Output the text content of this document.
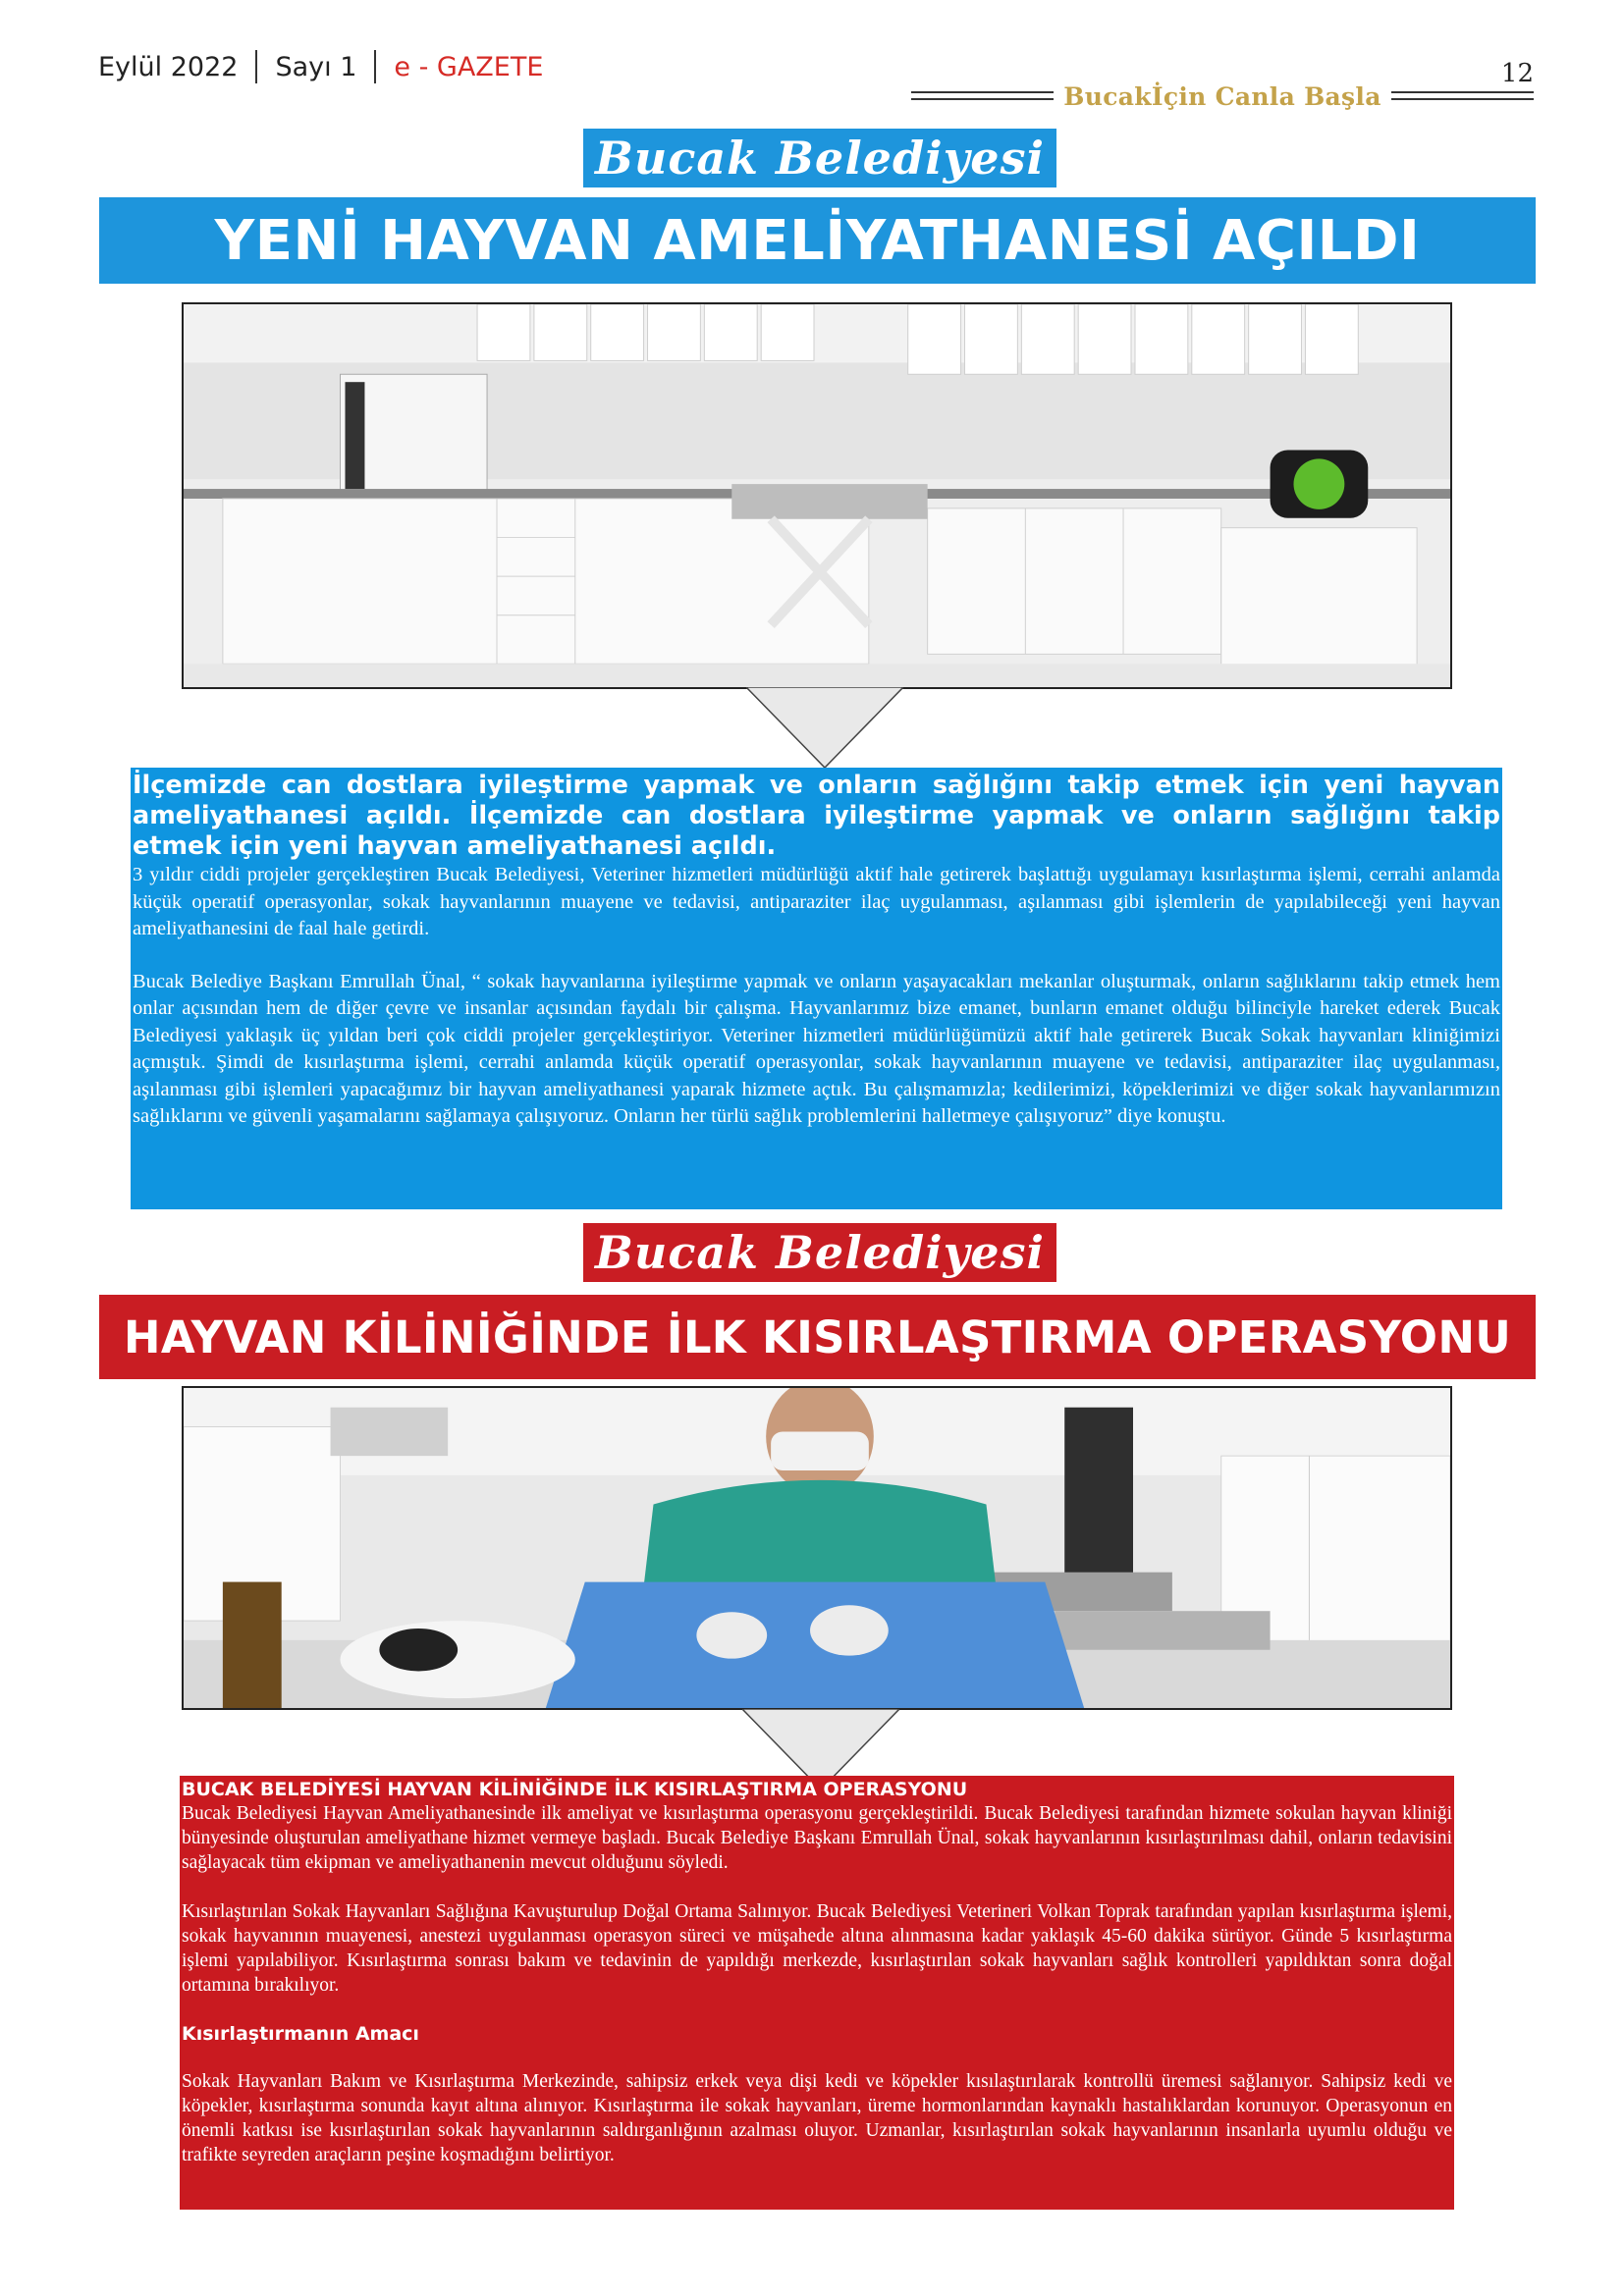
Eylül 2022 Sayı 1 e - GAZETE
Bucakİçin Canla Başla
12
Bucak Belediyesi
YENİ HAYVAN AMELİYATHANESİ AÇILDI

İlçemizde can dostlara iyileştirme yapmak ve onların sağlığını takip etmek için yeni hayvan ameliyathanesi açıldı. İlçemizde can dostlara iyileştirme yapmak ve onların sağlığını takip etmek için yeni hayvan ameliyathanesi açıldı.

3 yıldır ciddi projeler gerçekleştiren Bucak Belediyesi, Veteriner hizmetleri müdürlüğü aktif hale getirerek başlattığı uygulamayı kısırlaştırma işlemi, cerrahi anlamda küçük operatif operasyonlar, sokak hayvanlarının muayene ve tedavisi, antiparaziter ilaç uygulanması, aşılanması gibi işlemlerin de yapılabileceği yeni hayvan ameliyathanesini de faal hale getirdi.

Bucak Belediye Başkanı Emrullah Ünal, “ sokak hayvanlarına iyileştirme yapmak ve onların yaşayacakları mekanlar oluşturmak, onların sağlıklarını takip etmek hem onlar açısından hem de diğer çevre ve insanlar açısından faydalı bir çalışma. Hayvanlarımız bize emanet, bunların emanet olduğu bilinciyle hareket ederek Bucak Belediyesi yaklaşık üç yıldan beri çok ciddi projeler gerçekleştiriyor. Veteriner hizmetleri müdürlüğümüzü aktif hale getirerek Bucak Sokak hayvanları kliniğimizi açmıştık. Şimdi de kısırlaştırma işlemi, cerrahi anlamda küçük operatif operasyonlar, sokak hayvanlarının muayene ve tedavisi, antiparaziter ilaç uygulanması, aşılanması gibi işlemleri yapacağımız bir hayvan ameliyathanesi yaparak hizmete açtık. Bu çalışmamızla; kedilerimizi, köpeklerimizi ve diğer sokak hayvanlarımızın sağlıklarını ve güvenli yaşamalarını sağlamaya çalışıyoruz. Onların her türlü sağlık problemlerini halletmeye çalışıyoruz” diye konuştu.

Bucak Belediyesi
HAYVAN KİLİNİĞİNDE İLK KISIRLAŞTIRMA OPERASYONU

BUCAK BELEDİYESİ HAYVAN KİLİNİĞİNDE İLK KISIRLAŞTIRMA OPERASYONU

Bucak Belediyesi Hayvan Ameliyathanesinde ilk ameliyat ve kısırlaştırma operasyonu gerçekleştirildi. Bucak Belediyesi tarafından hizmete sokulan hayvan kliniği bünyesinde oluşturulan ameliyathane hizmet vermeye başladı. Bucak Belediye Başkanı Emrullah Ünal, sokak hayvanlarının kısırlaştırılması dahil, onların tedavisini sağlayacak tüm ekipman ve ameliyathanenin mevcut olduğunu söyledi.

Kısırlaştırılan Sokak Hayvanları Sağlığına Kavuşturulup Doğal Ortama Salınıyor. Bucak Belediyesi Veterineri Volkan Toprak tarafından yapılan kısırlaştırma işlemi, sokak hayvanının muayenesi, anestezi uygulanması operasyon süreci ve müşahede altına alınmasına kadar yaklaşık 45-60 dakika sürüyor. Günde 5 kısırlaştırma işlemi yapılabiliyor. Kısırlaştırma sonrası bakım ve tedavinin de yapıldığı merkezde, kısırlaştırılan sokak hayvanları sağlık kontrolleri yapıldıktan sonra doğal ortamına bırakılıyor.

Kısırlaştırmanın Amacı

Sokak Hayvanları Bakım ve Kısırlaştırma Merkezinde, sahipsiz erkek veya dişi kedi ve köpekler kısılaştırılarak kontrollü üremesi sağlanıyor. Sahipsiz kedi ve köpekler, kısırlaştırma sonunda kayıt altına alınıyor. Kısırlaştırma ile sokak hayvanları, üreme hormonlarından kaynaklı hastalıklardan korunuyor. Operasyonun en önemli katkısı ise kısırlaştırılan sokak hayvanlarının saldırganlığının azalması oluyor. Uzmanlar, kısırlaştırılan sokak hayvanlarının insanlarla uyumlu olduğu ve trafikte seyreden araçların peşine koşmadığını belirtiyor.
